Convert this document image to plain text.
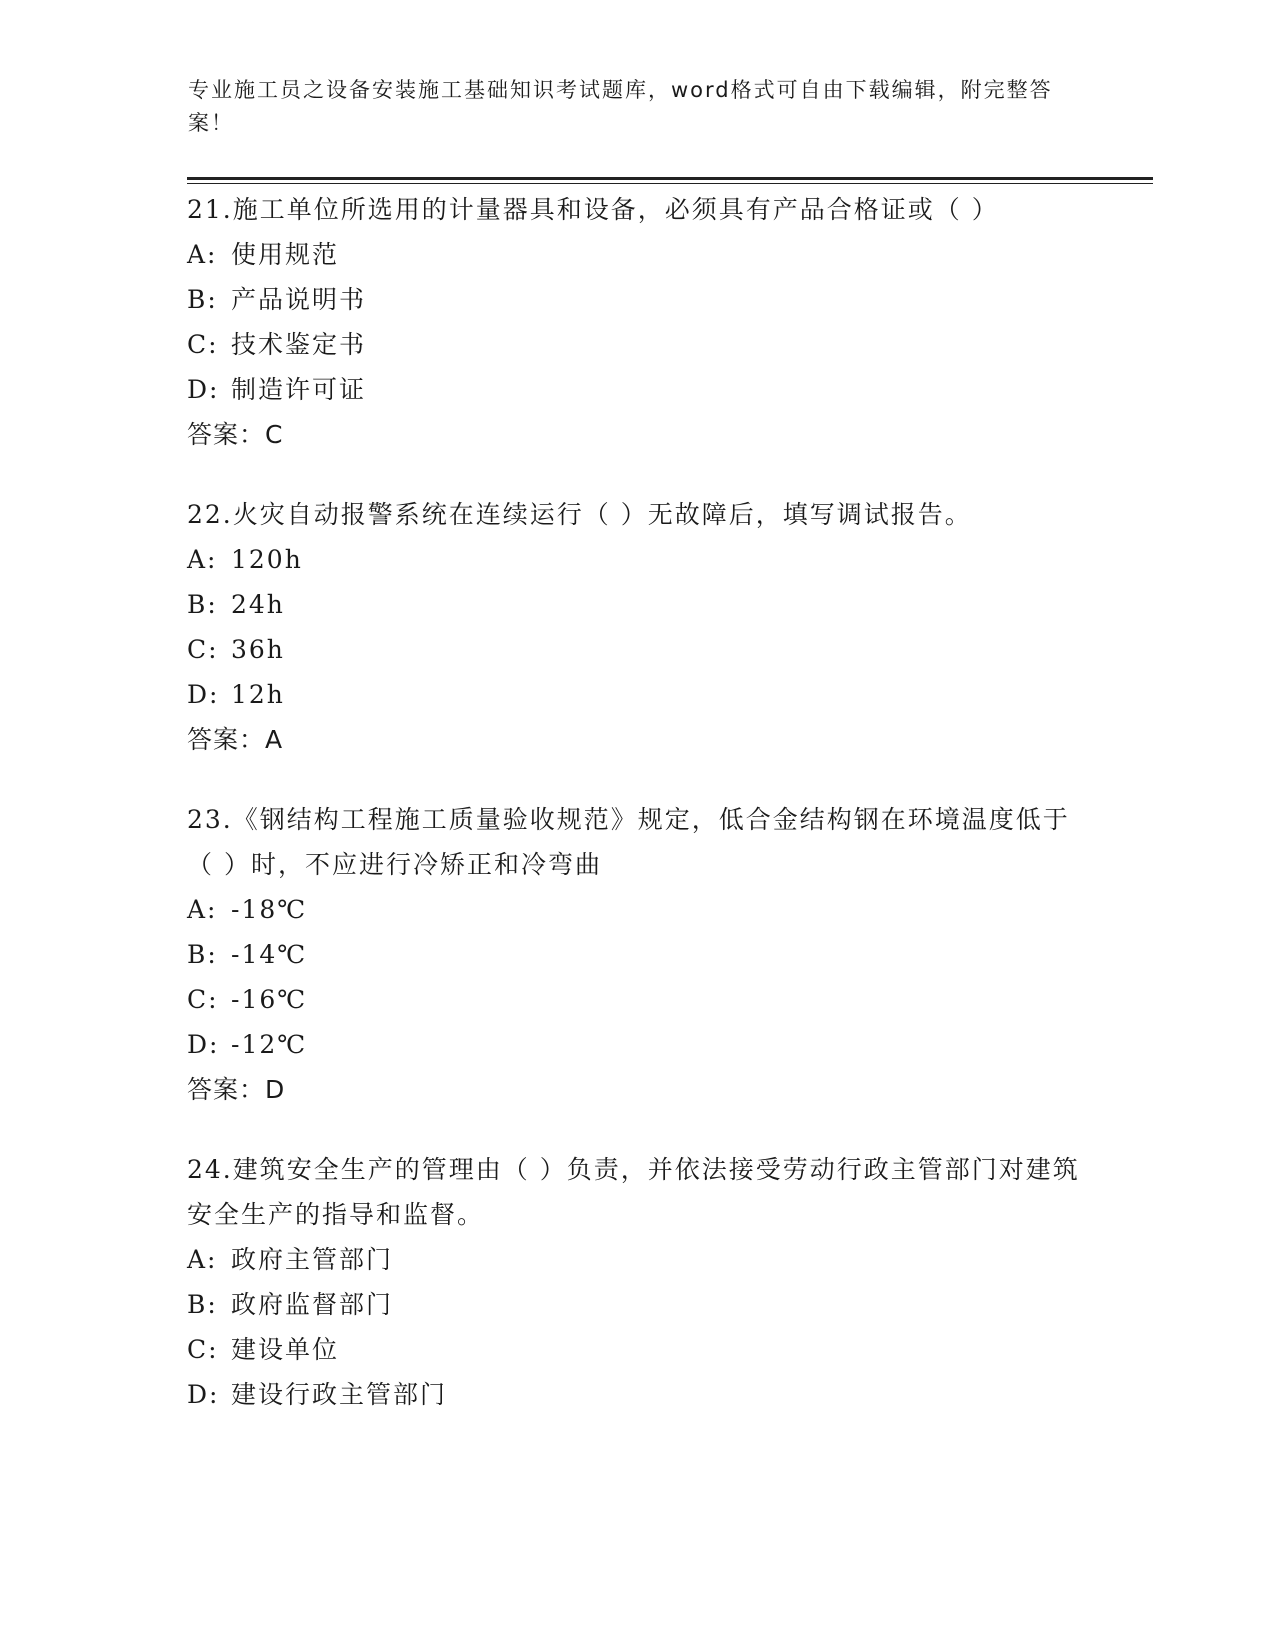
专业施工员之设备安装施工基础知识考试题库，word格式可自由下载编辑，附完整答案！
21.施工单位所选用的计量器具和设备，必须具有产品合格证或（ ）
A: 使用规范
B: 产品说明书
C: 技术鉴定书
D: 制造许可证
答案：C
22.火灾自动报警系统在连续运行（ ）无故障后，填写调试报告。
A: 120h
B: 24h
C: 36h
D: 12h
答案：A
23.《钢结构工程施工质量验收规范》规定，低合金结构钢在环境温度低于（ ）时，不应进行冷矫正和冷弯曲
A: -18℃
B: -14℃
C: -16℃
D: -12℃
答案：D
24.建筑安全生产的管理由（ ）负责，并依法接受劳动行政主管部门对建筑安全生产的指导和监督。
A: 政府主管部门
B: 政府监督部门
C: 建设单位
D: 建设行政主管部门
